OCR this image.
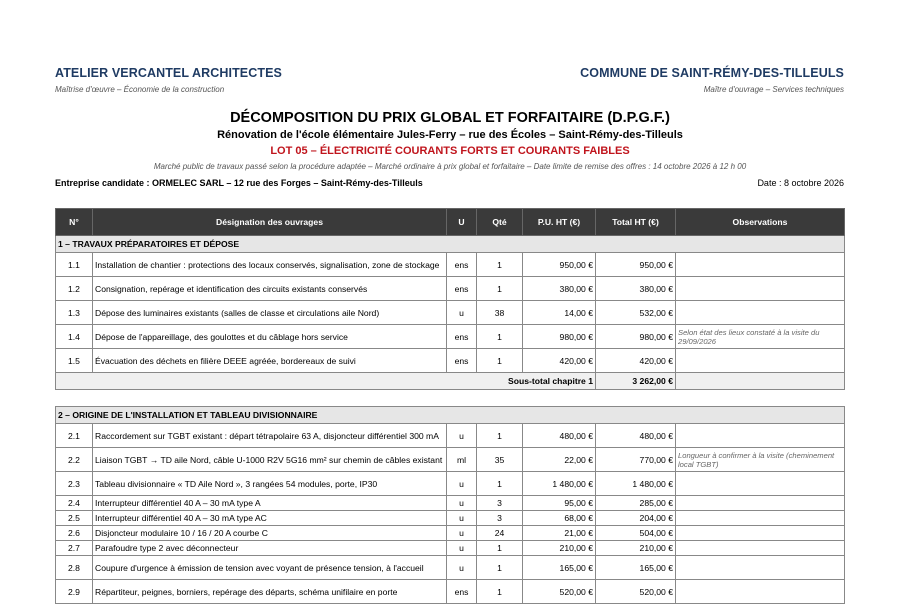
ATELIER VERCANTEL ARCHITECTES
Maîtrise d'œuvre – Économie de la construction
COMMUNE DE SAINT-RÉMY-DES-TILLEULS
Maître d'ouvrage – Services techniques
DÉCOMPOSITION DU PRIX GLOBAL ET FORFAITAIRE (D.P.G.F.)
Rénovation de l'école élémentaire Jules-Ferry – rue des Écoles – Saint-Rémy-des-Tilleuls
LOT 05 – ÉLECTRICITÉ COURANTS FORTS ET COURANTS FAIBLES
Marché public de travaux passé selon la procédure adaptée – Marché ordinaire à prix global et forfaitaire – Date limite de remise des offres : 14 octobre 2026 à 12 h 00
Entreprise candidate : ORMELEC SARL – 12 rue des Forges – Saint-Rémy-des-Tilleuls	Date : 8 octobre 2026
N°	Désignation des ouvrages	U	Qté	P.U. HT (€)	Total HT (€)	Observations
1 – TRAVAUX PRÉPARATOIRES ET DÉPOSE						
1.1	Installation de chantier : protections des locaux conservés, signalisation, zone de stockage	ens	1	950,00 €	950,00 €	
1.2	Consignation, repérage et identification des circuits existants conservés	ens	1	380,00 €	380,00 €	
1.3	Dépose des luminaires existants (salles de classe et circulations aile Nord)	u	38	14,00 €	532,00 €	
1.4	Dépose de l'appareillage, des goulottes et du câblage hors service	ens	1	980,00 €	980,00 €	Selon état des lieux constaté à la visite du 29/09/2026
1.5	Évacuation des déchets en filière DEEE agréée, bordereaux de suivi	ens	1	420,00 €	420,00 €	
Sous-total chapitre 1					3 262,00 €	

2 – ORIGINE DE L'INSTALLATION ET TABLEAU DIVISIONNAIRE						
2.1	Raccordement sur TGBT existant : départ tétrapolaire 63 A, disjoncteur différentiel 300 mA	u	1	480,00 €	480,00 €	
2.2	Liaison TGBT → TD aile Nord, câble U-1000 R2V 5G16 mm² sur chemin de câbles existant	ml	35	22,00 €	770,00 €	Longueur à confirmer à la visite (cheminement local TGBT)
2.3	Tableau divisionnaire « TD Aile Nord », 3 rangées 54 modules, porte, IP30	u	1	1 480,00 €	1 480,00 €	
2.4	Interrupteur différentiel 40 A – 30 mA type A	u	3	95,00 €	285,00 €	
2.5	Interrupteur différentiel 40 A – 30 mA type AC	u	3	68,00 €	204,00 €	
2.6	Disjoncteur modulaire 10 / 16 / 20 A courbe C	u	24	21,00 €	504,00 €	
2.7	Parafoudre type 2 avec déconnecteur	u	1	210,00 €	210,00 €	
2.8	Coupure d'urgence à émission de tension avec voyant de présence tension, à l'accueil	u	1	165,00 €	165,00 €	
2.9	Répartiteur, peignes, borniers, repérage des départs, schéma unifilaire en porte	ens	1	520,00 €	520,00 €	
